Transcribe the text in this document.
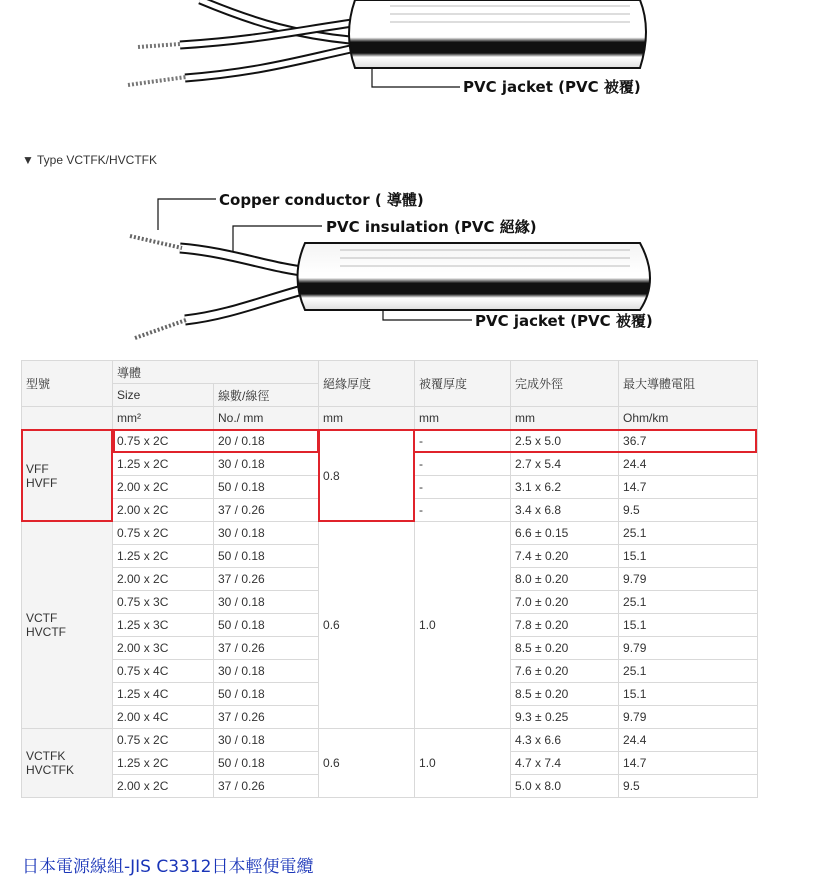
PVC jacket (PVC 被覆)
▼ Type VCTFK/HVCTFK
Copper conductor ( 導體)
PVC insulation (PVC 絕緣)
PVC jacket (PVC 被覆)
型號	導體		絕緣厚度	被覆厚度	完成外徑	最大導體電阻
	Size	線數/線徑				
	mm²	No./ mm	mm	mm	mm	Ohm/km

VFF
HVFF	0.75 x 2C	20 / 0.18	0.8	-	2.5 x 5.0	36.7
	1.25 x 2C	30 / 0.18		-	2.7 x 5.4	24.4
	2.00 x 2C	50 / 0.18		-	3.1 x 6.2	14.7
	2.00 x 2C	37 / 0.26		-	3.4 x 6.8	9.5

VCTF
HVCTF	0.75 x 2C	30 / 0.18	0.6	1.0	6.6 ± 0.15	25.1
	1.25 x 2C	50 / 0.18			7.4 ± 0.20	15.1
	2.00 x 2C	37 / 0.26			8.0 ± 0.20	9.79
	0.75 x 3C	30 / 0.18			7.0 ± 0.20	25.1
	1.25 x 3C	50 / 0.18			7.8 ± 0.20	15.1
	2.00 x 3C	37 / 0.26			8.5 ± 0.20	9.79
	0.75 x 4C	30 / 0.18			7.6 ± 0.20	25.1
	1.25 x 4C	50 / 0.18			8.5 ± 0.20	15.1
	2.00 x 4C	37 / 0.26			9.3 ± 0.25	9.79

VCTFK
HVCTFK	0.75 x 2C	30 / 0.18	0.6	1.0	4.3 x 6.6	24.4
	1.25 x 2C	50 / 0.18			4.7 x 7.4	14.7
	2.00 x 2C	37 / 0.26			5.0 x 8.0	9.5
日本電源線組-JIS C3312日本輕便電纜
